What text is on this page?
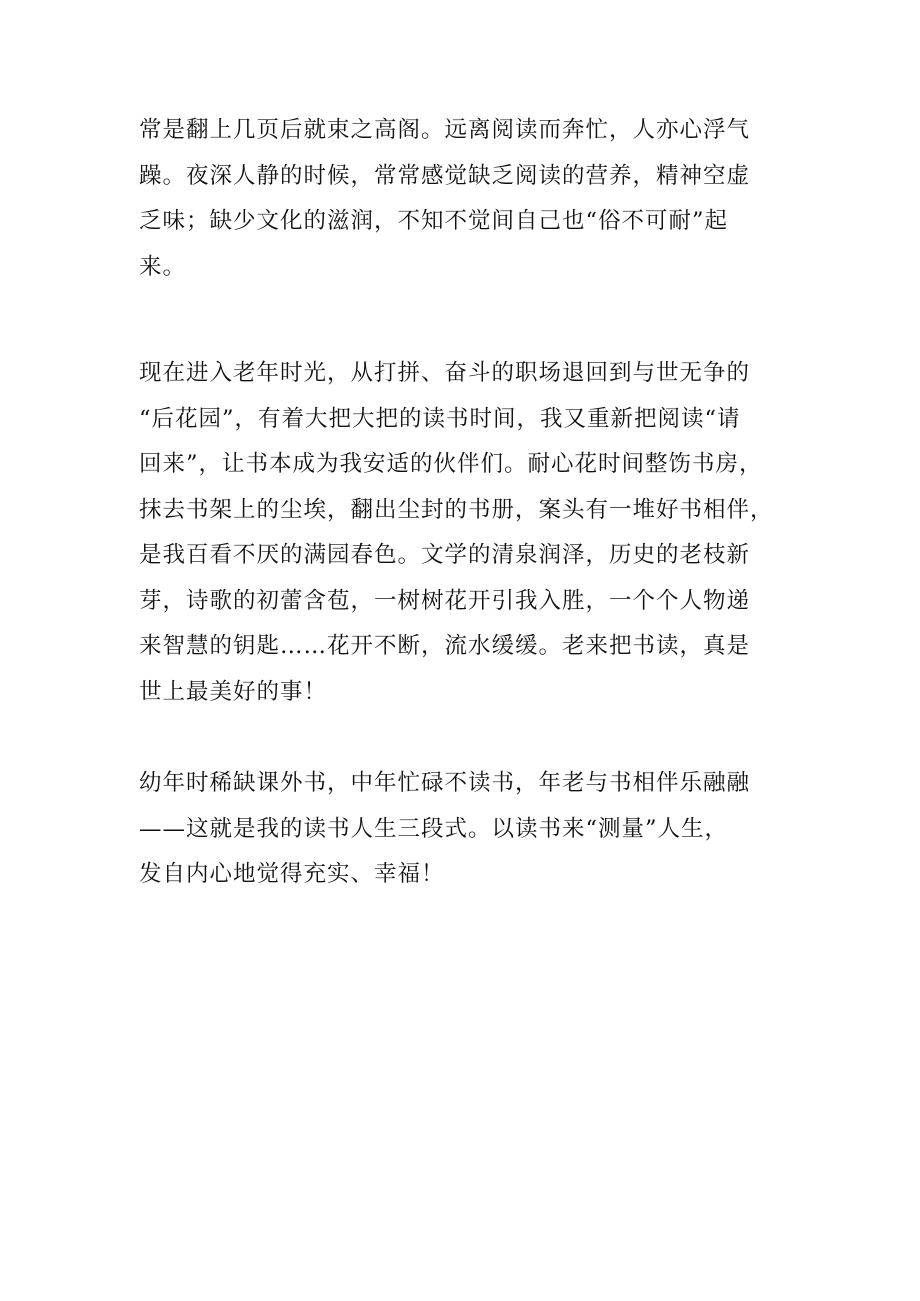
常是翻上几页后就束之高阁。远离阅读而奔忙，人亦心浮气
躁。夜深人静的时候，常常感觉缺乏阅读的营养，精神空虚
乏味；缺少文化的滋润，不知不觉间自己也“俗不可耐”起
来。

现在进入老年时光，从打拼、奋斗的职场退回到与世无争的
“后花园”，有着大把大把的读书时间，我又重新把阅读“请
回来”，让书本成为我安适的伙伴们。耐心花时间整饬书房，
抹去书架上的尘埃，翻出尘封的书册，案头有一堆好书相伴，
是我百看不厌的满园春色。文学的清泉润泽，历史的老枝新
芽，诗歌的初蕾含苞，一树树花开引我入胜，一个个人物递
来智慧的钥匙……花开不断，流水缓缓。老来把书读，真是
世上最美好的事！

幼年时稀缺课外书，中年忙碌不读书，年老与书相伴乐融融
——这就是我的读书人生三段式。以读书来“测量”人生，
发自内心地觉得充实、幸福！
